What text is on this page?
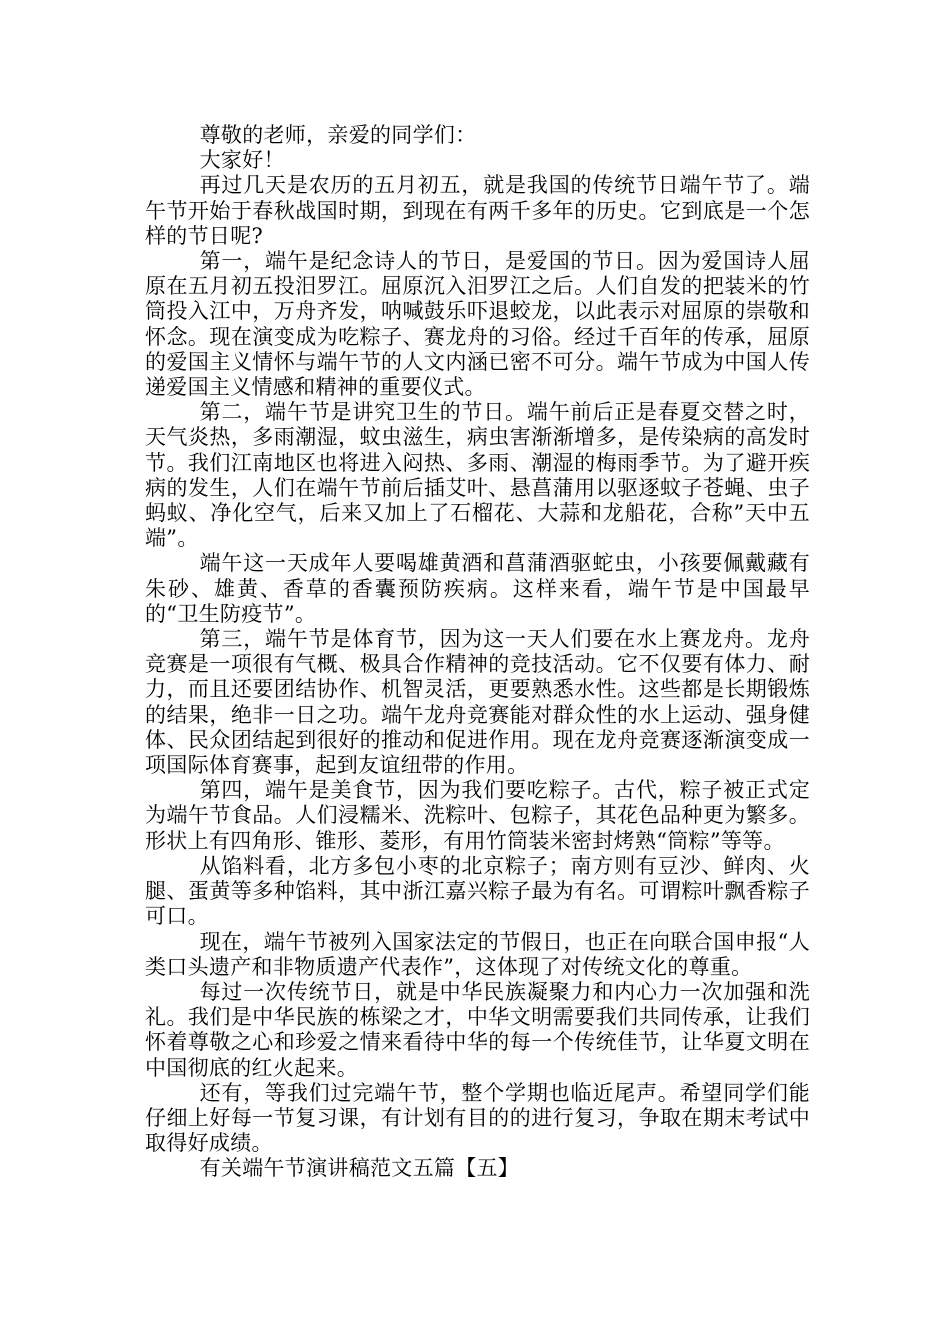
尊敬的老师，亲爱的同学们：

大家好！

再过几天是农历的五月初五，就是我国的传统节日端午节了。端午节开始于春秋战国时期，到现在有两千多年的历史。它到底是一个怎样的节日呢?

第一，端午是纪念诗人的节日，是爱国的节日。因为爱国诗人屈原在五月初五投汨罗江。屈原沉入汨罗江之后。人们自发的把装米的竹筒投入江中，万舟齐发，呐喊鼓乐吓退蛟龙，以此表示对屈原的崇敬和怀念。现在演变成为吃粽子、赛龙舟的习俗。经过千百年的传承，屈原的爱国主义情怀与端午节的人文内涵已密不可分。端午节成为中国人传递爱国主义情感和精神的重要仪式。

第二，端午节是讲究卫生的节日。端午前后正是春夏交替之时，天气炎热，多雨潮湿，蚊虫滋生，病虫害渐渐增多，是传染病的高发时节。我们江南地区也将进入闷热、多雨、潮湿的梅雨季节。为了避开疾病的发生，人们在端午节前后插艾叶、悬菖蒲用以驱逐蚊子苍蝇、虫子蚂蚁、净化空气，后来又加上了石榴花、大蒜和龙船花，合称”天中五端”。

端午这一天成年人要喝雄黄酒和菖蒲酒驱蛇虫，小孩要佩戴藏有朱砂、雄黄、香草的香囊预防疾病。这样来看，端午节是中国最早的“卫生防疫节”。

第三，端午节是体育节，因为这一天人们要在水上赛龙舟。龙舟竞赛是一项很有气概、极具合作精神的竞技活动。它不仅要有体力、耐力，而且还要团结协作、机智灵活，更要熟悉水性。这些都是长期锻炼的结果，绝非一日之功。端午龙舟竞赛能对群众性的水上运动、强身健体、民众团结起到很好的推动和促进作用。现在龙舟竞赛逐渐演变成一项国际体育赛事，起到友谊纽带的作用。

第四，端午是美食节，因为我们要吃粽子。古代，粽子被正式定为端午节食品。人们浸糯米、洗粽叶、包粽子，其花色品种更为繁多。形状上有四角形、锥形、菱形，有用竹筒装米密封烤熟“筒粽”等等。

从馅料看，北方多包小枣的北京粽子；南方则有豆沙、鲜肉、火腿、蛋黄等多种馅料，其中浙江嘉兴粽子最为有名。可谓粽叶飘香粽子可口。

现在，端午节被列入国家法定的节假日，也正在向联合国申报“人类口头遗产和非物质遗产代表作”，这体现了对传统文化的尊重。

每过一次传统节日，就是中华民族凝聚力和内心力一次加强和洗礼。我们是中华民族的栋梁之才，中华文明需要我们共同传承，让我们怀着尊敬之心和珍爱之情来看待中华的每一个传统佳节，让华夏文明在中国彻底的红火起来。

还有，等我们过完端午节，整个学期也临近尾声。希望同学们能仔细上好每一节复习课，有计划有目的的进行复习，争取在期末考试中取得好成绩。

有关端午节演讲稿范文五篇【五】
